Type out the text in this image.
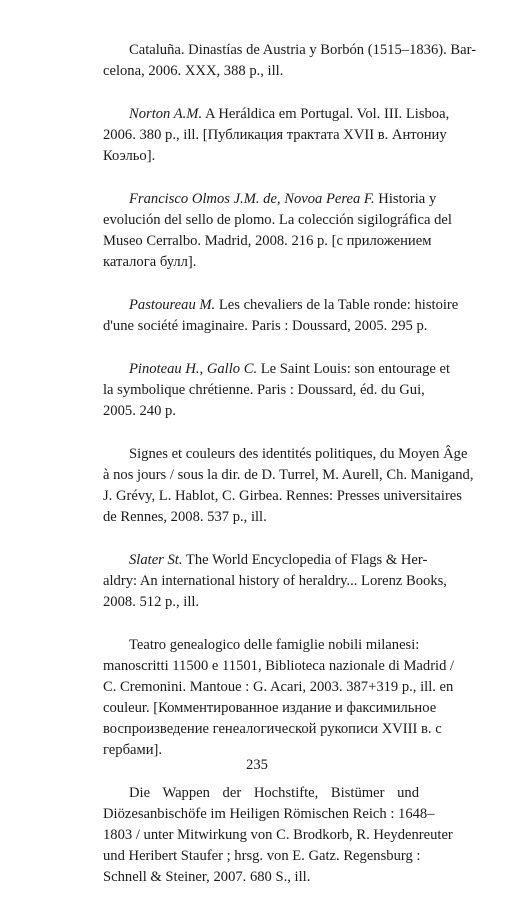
Cataluña. Dinastías de Austria y Borbón (1515–1836). Bar-
celona, 2006. XXX, 388 p., ill.
Norton A.M. A Heráldica em Portugal. Vol. III. Lisboa,
2006. 380 p., ill. [Публикация трактата XVII в. Антониу
Коэльо].
Francisco Olmos J.M. de, Novoa Perea F. Historia y
evolución del sello de plomo. La colección sigilográfica del
Museo Cerralbo. Madrid, 2008. 216 p. [с приложением
каталога булл].
Pastoureau M. Les chevaliers de la Table ronde: histoire
d'une société imaginaire. Paris : Doussard, 2005. 295 p.
Pinoteau H., Gallo C. Le Saint Louis: son entourage et
la symbolique chrétienne. Paris : Doussard, éd. du Gui,
2005. 240 p.
Signes et couleurs des identités politiques, du Moyen Âge
à nos jours / sous la dir. de D. Turrel, M. Aurell, Ch. Manigand,
J. Grévy, L. Hablot, C. Girbea. Rennes: Presses universitaires
de Rennes, 2008. 537 p., ill.
Slater St. The World Encyclopedia of Flags & Her-
aldry: An international history of heraldry... Lorenz Books,
2008. 512 p., ill.
Teatro genealogico delle famiglie nobili milanesi:
manoscritti 11500 e 11501, Biblioteca nazionale di Madrid /
C. Cremonini. Mantoue : G. Acari, 2003. 387+319 p., ill. en
couleur. [Комментированное издание и факсимильное
воспроизведение генеалогической рукописи XVIII в. с
гербами].
Die Wappen der Hochstifte, Bistümer und
Diözesanbischöfe im Heiligen Römischen Reich : 1648–
1803 / unter Mitwirkung von C. Brodkorb, R. Heydenreuter
und Heribert Staufer ; hrsg. von E. Gatz. Regensburg :
Schnell & Steiner, 2007. 680 S., ill.
235
